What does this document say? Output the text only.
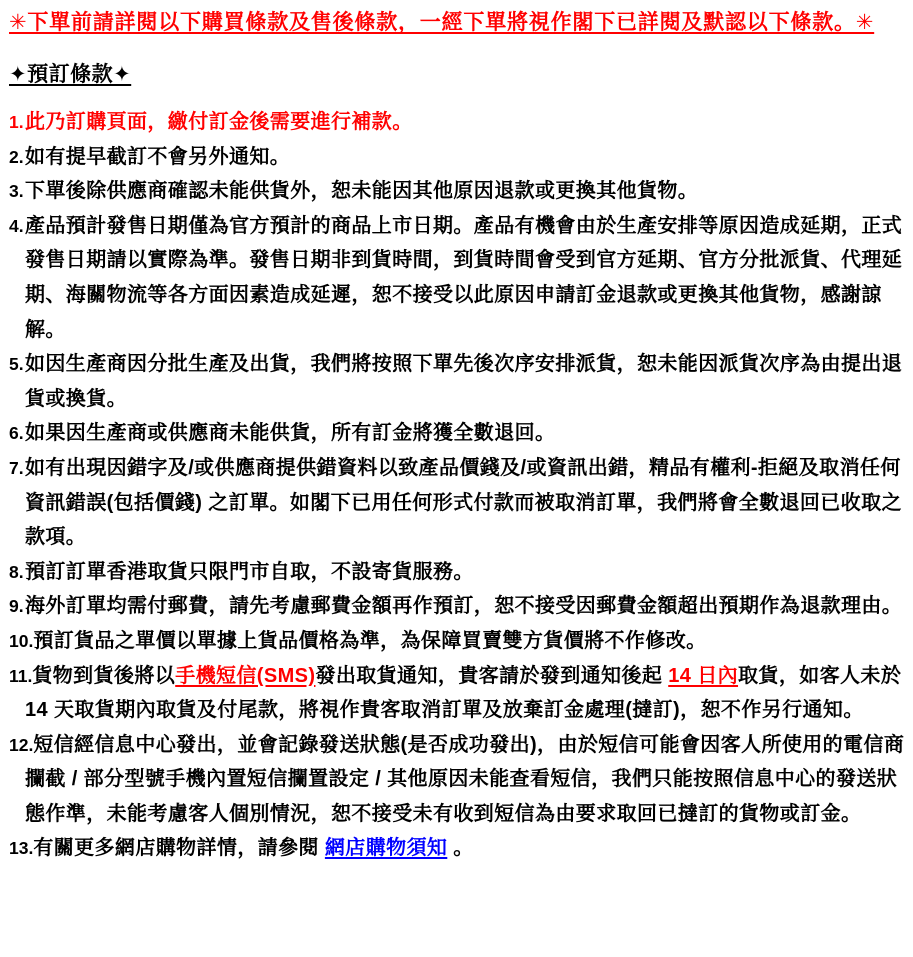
✳下單前請詳閱以下購買條款及售後條款，一經下單將視作閣下已詳閱及默認以下條款。✳
✦預訂條款✦
1.此乃訂購頁面，繳付訂金後需要進行補款。
2.如有提早截訂不會另外通知。
3.下單後除供應商確認未能供貨外，恕未能因其他原因退款或更換其他貨物。
4.產品預計發售日期僅為官方預計的商品上市日期。產品有機會由於生產安排等原因造成延期，正式發售日期請以實際為準。發售日期非到貨時間，到貨時間會受到官方延期、官方分批派貨、代理延期、海關物流等各方面因素造成延遲，恕不接受以此原因申請訂金退款或更換其他貨物，感謝諒解。
5.如因生產商因分批生產及出貨，我們將按照下單先後次序安排派貨，恕未能因派貨次序為由提出退貨或換貨。
6.如果因生產商或供應商未能供貨，所有訂金將獲全數退回。
7.如有出現因錯字及/或供應商提供錯資料以致產品價錢及/或資訊出錯，精品有權利-拒絕及取消任何資訊錯誤(包括價錢) 之訂單。如閣下已用任何形式付款而被取消訂單，我們將會全數退回已收取之款項。
8.預訂訂單香港取貨只限門市自取，不設寄貨服務。
9.海外訂單均需付郵費，請先考慮郵費金額再作預訂，恕不接受因郵費金額超出預期作為退款理由。
10.預訂貨品之單價以單據上貨品價格為準，為保障買賣雙方貨價將不作修改。
11.貨物到貨後將以手機短信(SMS)發出取貨通知，貴客請於發到通知後起 14 日內取貨，如客人未於 14 天取貨期內取貨及付尾款，將視作貴客取消訂單及放棄訂金處理(撻訂)，恕不作另行通知。
12.短信經信息中心發出，並會記錄發送狀態(是否成功發出)，由於短信可能會因客人所使用的電信商攔截 / 部分型號手機內置短信攔置設定 / 其他原因未能查看短信，我們只能按照信息中心的發送狀態作準，未能考慮客人個別情況，恕不接受未有收到短信為由要求取回已撻訂的貨物或訂金。
13.有關更多網店購物詳情，請參閱 網店購物須知 。
